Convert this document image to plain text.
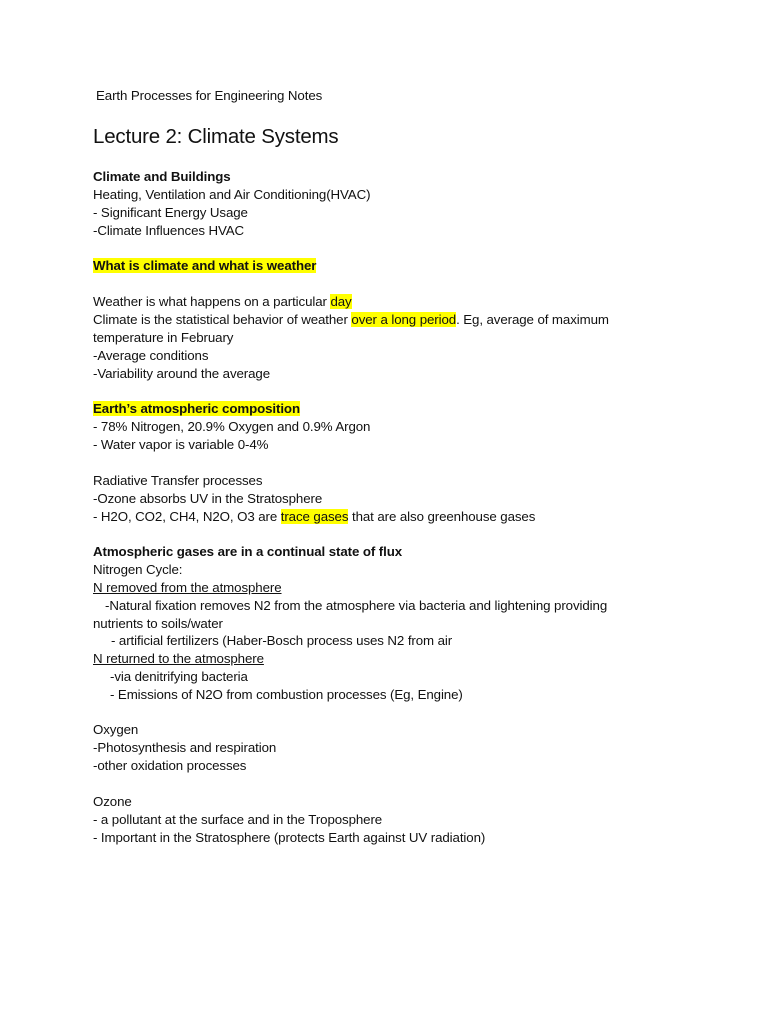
Earth Processes for Engineering Notes
Lecture 2: Climate Systems
Climate and Buildings
Heating, Ventilation and Air Conditioning(HVAC)
- Significant Energy Usage
-Climate Influences HVAC
What is climate and what is weather
Weather is what happens on a particular day
Climate is the statistical behavior of weather over a long period. Eg, average of maximum
temperature in February
-Average conditions
-Variability around the average
Earth’s atmospheric composition
- 78% Nitrogen, 20.9% Oxygen and 0.9% Argon
- Water vapor is variable 0-4%
Radiative Transfer processes
-Ozone absorbs UV in the Stratosphere
- H2O, CO2, CH4, N2O, O3 are trace gases that are also greenhouse gases
Atmospheric gases are in a continual state of flux
Nitrogen Cycle:
N removed from the atmosphere
-Natural fixation removes N2 from the atmosphere via bacteria and lightening providing
nutrients to soils/water
- artificial fertilizers (Haber-Bosch process uses N2 from air
N returned to the atmosphere
-via denitrifying bacteria
- Emissions of N2O from combustion processes (Eg, Engine)
Oxygen
-Photosynthesis and respiration
-other oxidation processes
Ozone
- a pollutant at the surface and in the Troposphere
- Important in the Stratosphere (protects Earth against UV radiation)
